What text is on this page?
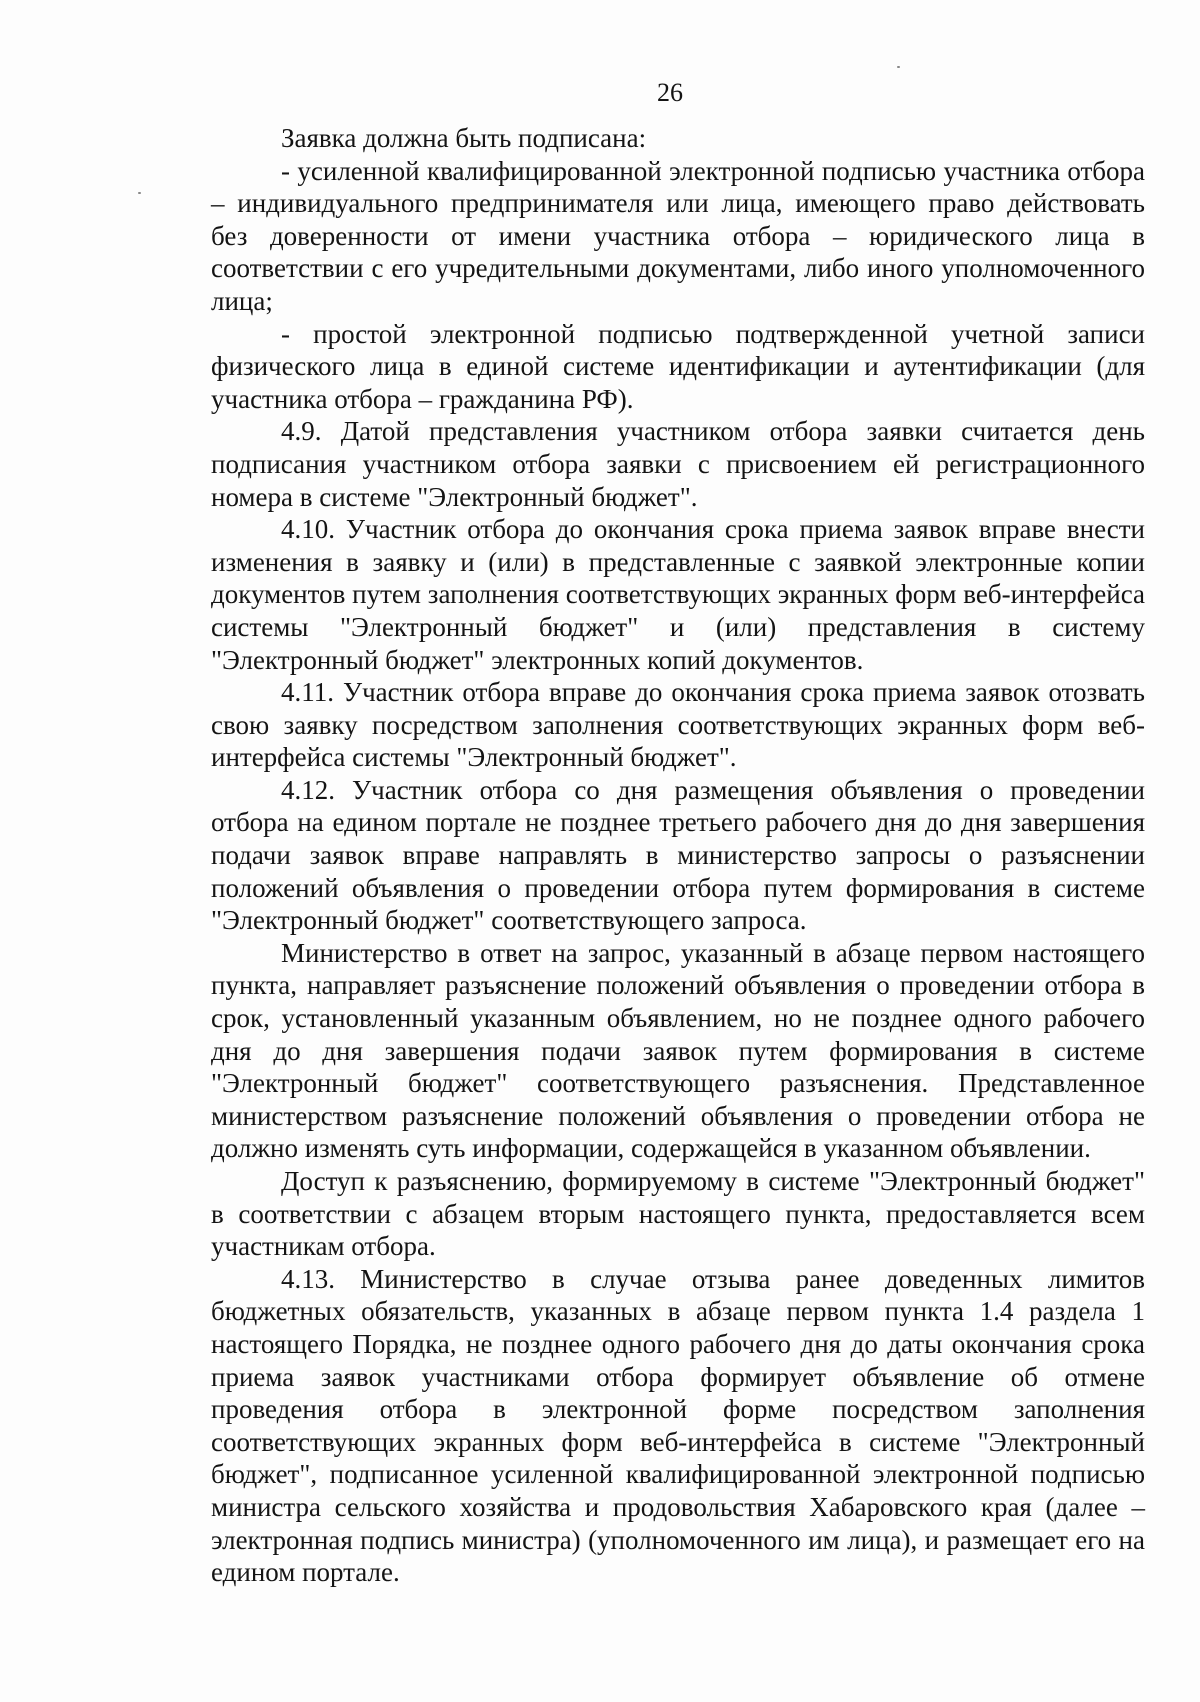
26

Заявка должна быть подписана:

- усиленной квалифицированной электронной подписью участника отбора – индивидуального предпринимателя или лица, имеющего право действовать без доверенности от имени участника отбора – юридического лица в соответствии с его учредительными документами, либо иного уполномоченного лица;

- простой электронной подписью подтвержденной учетной записи физического лица в единой системе идентификации и аутентификации (для участника отбора – гражданина РФ).

4.9. Датой представления участником отбора заявки считается день подписания участником отбора заявки с присвоением ей регистрационного номера в системе "Электронный бюджет".

4.10. Участник отбора до окончания срока приема заявок вправе внести изменения в заявку и (или) в представленные с заявкой электронные копии документов путем заполнения соответствующих экранных форм веб-интерфейса системы "Электронный бюджет" и (или) представления в систему "Электронный бюджет" электронных копий документов.

4.11. Участник отбора вправе до окончания срока приема заявок отозвать свою заявку посредством заполнения соответствующих экранных форм веб-интерфейса системы "Электронный бюджет".

4.12. Участник отбора со дня размещения объявления о проведении отбора на едином портале не позднее третьего рабочего дня до дня завершения подачи заявок вправе направлять в министерство запросы о разъяснении положений объявления о проведении отбора путем формирования в системе "Электронный бюджет" соответствующего запроса.

Министерство в ответ на запрос, указанный в абзаце первом настоящего пункта, направляет разъяснение положений объявления о проведении отбора в срок, установленный указанным объявлением, но не позднее одного рабочего дня до дня завершения подачи заявок путем формирования в системе "Электронный бюджет" соответствующего разъяснения. Представленное министерством разъяснение положений объявления о проведении отбора не должно изменять суть информации, содержащейся в указанном объявлении.

Доступ к разъяснению, формируемому в системе "Электронный бюджет" в соответствии с абзацем вторым настоящего пункта, предоставляется всем участникам отбора.

4.13. Министерство в случае отзыва ранее доведенных лимитов бюджетных обязательств, указанных в абзаце первом пункта 1.4 раздела 1 настоящего Порядка, не позднее одного рабочего дня до даты окончания срока приема заявок участниками отбора формирует объявление об отмене проведения отбора в электронной форме посредством заполнения соответствующих экранных форм веб-интерфейса в системе "Электронный бюджет", подписанное усиленной квалифицированной электронной подписью министра сельского хозяйства и продовольствия Хабаровского края (далее – электронная подпись министра) (уполномоченного им лица), и размещает его на едином портале.
